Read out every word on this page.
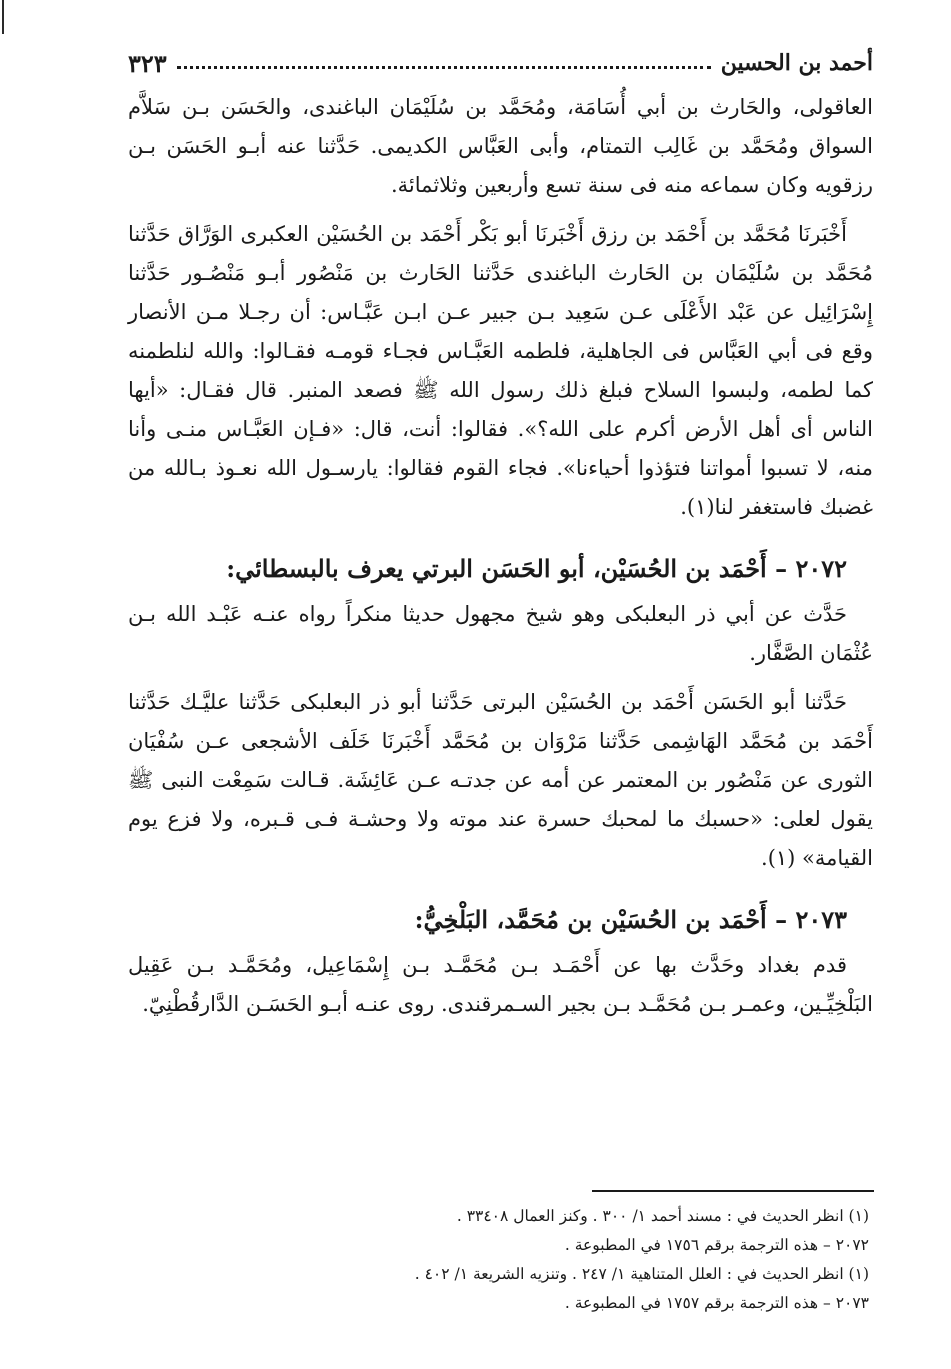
أحمد بن الحسين
٣٢٣

العاقولى، والحَارث بن أبي أُسَامَة، ومُحَمَّد بن سُلَيْمَان الباغندى، والحَسَن بـن سَلاَّم السواق ومُحَمَّد بن غَالِب التمتام، وأبى العَبَّاس الكديمى. حَدَّثنا عنه أبـو الحَسَن بـن رزقويه وكان سماعه منه فى سنة تسع وأربعين وثلاثمائة.

أَخْبَرنَا مُحَمَّد بن أَحْمَد بن رزق أَخْبَرنَا أبو بَكْر أَحْمَد بن الحُسَيْن العكبرى الوَرَّاق حَدَّثنا مُحَمَّد بن سُلَيْمَان بن الحَارث الباغندى حَدَّثنا الحَارث بن مَنْصُور أبـو مَنْصُـور حَدَّثنا إِسْرَائِيل عن عَبْد الأَعْلَى عـن سَعِيد بـن جبير عـن ابـن عَبَّـاس: أن رجـلا مـن الأنصار وقع فى أبي العَبَّاس فى الجاهلية، فلطمه العَبَّـاس فجـاء قومـه فقـالوا: والله لنلطمنه كما لطمه، ولبسوا السلاح فبلغ ذلك رسول الله ﷺ فصعد المنبر. قال فقـال: «أيها الناس أى أهل الأرض أكرم على الله؟». فقالوا: أنت، قال: «فـإن العَبَّـاس منـى وأنا منه، لا تسبوا أمواتنا فتؤذوا أحياءنا». فجاء القوم فقالوا: يارسـول الله نعـوذ بـالله من غضبك فاستغفر لنا(١).

٢٠٧٢ – أَحْمَد بن الحُسَيْن، أبو الحَسَن البرتي يعرف بالبسطائي:

حَدَّث عن أبي ذر البعلبكى وهو شيخ مجهول حديثا منكراً رواه عنـه عَبْـد الله بـن عُثْمَان الصَّفَّار.

حَدَّثنا أبو الحَسَن أَحْمَد بن الحُسَيْن البرتى حَدَّثنا أبو ذر البعلبكى حَدَّثنا عليَّـك حَدَّثنا أَحْمَد بن مُحَمَّد الهَاشِمى حَدَّثنا مَرْوَان بن مُحَمَّد أَخْبَرنَا خَلَف الأشجعى عـن سُفْيَان الثورى عن مَنْصُور بن المعتمر عن أمه عن جدتـه عـن عَائِشَة. قـالت سَمِعْت النبى ﷺ يقول لعلى: «حسبك ما لمحبك حسرة عند موته ولا وحشـة فـى قـبره، ولا فزع يوم القيامة» (١).

٢٠٧٣ – أَحْمَد بن الحُسَيْن بن مُحَمَّد، البَلْخِيُّ:

قدم بغداد وحَدَّث بها عن أَحْمَـد بـن مُحَمَّـد بـن إِسْمَاعِيل، ومُحَمَّـد بـن عَقِيل البَلْخِيِّـين، وعمـر بـن مُحَمَّـد بـن بجير السـمرقندى. روى عنـه أبـو الحَسَـن الدَّارقُطْنِيّ.

(١) انظر الحديث في : مسند أحمد ١/ ٣٠٠ . وكنز العمال ٣٣٤٠٨ .

٢٠٧٢ – هذه الترجمة برقم ١٧٥٦ في المطبوعة .

(١) انظر الحديث في : العلل المتناهية ١/ ٢٤٧ . وتنزيه الشريعة ١/ ٤٠٢ .

٢٠٧٣ – هذه الترجمة برقم ١٧٥٧ في المطبوعة .
